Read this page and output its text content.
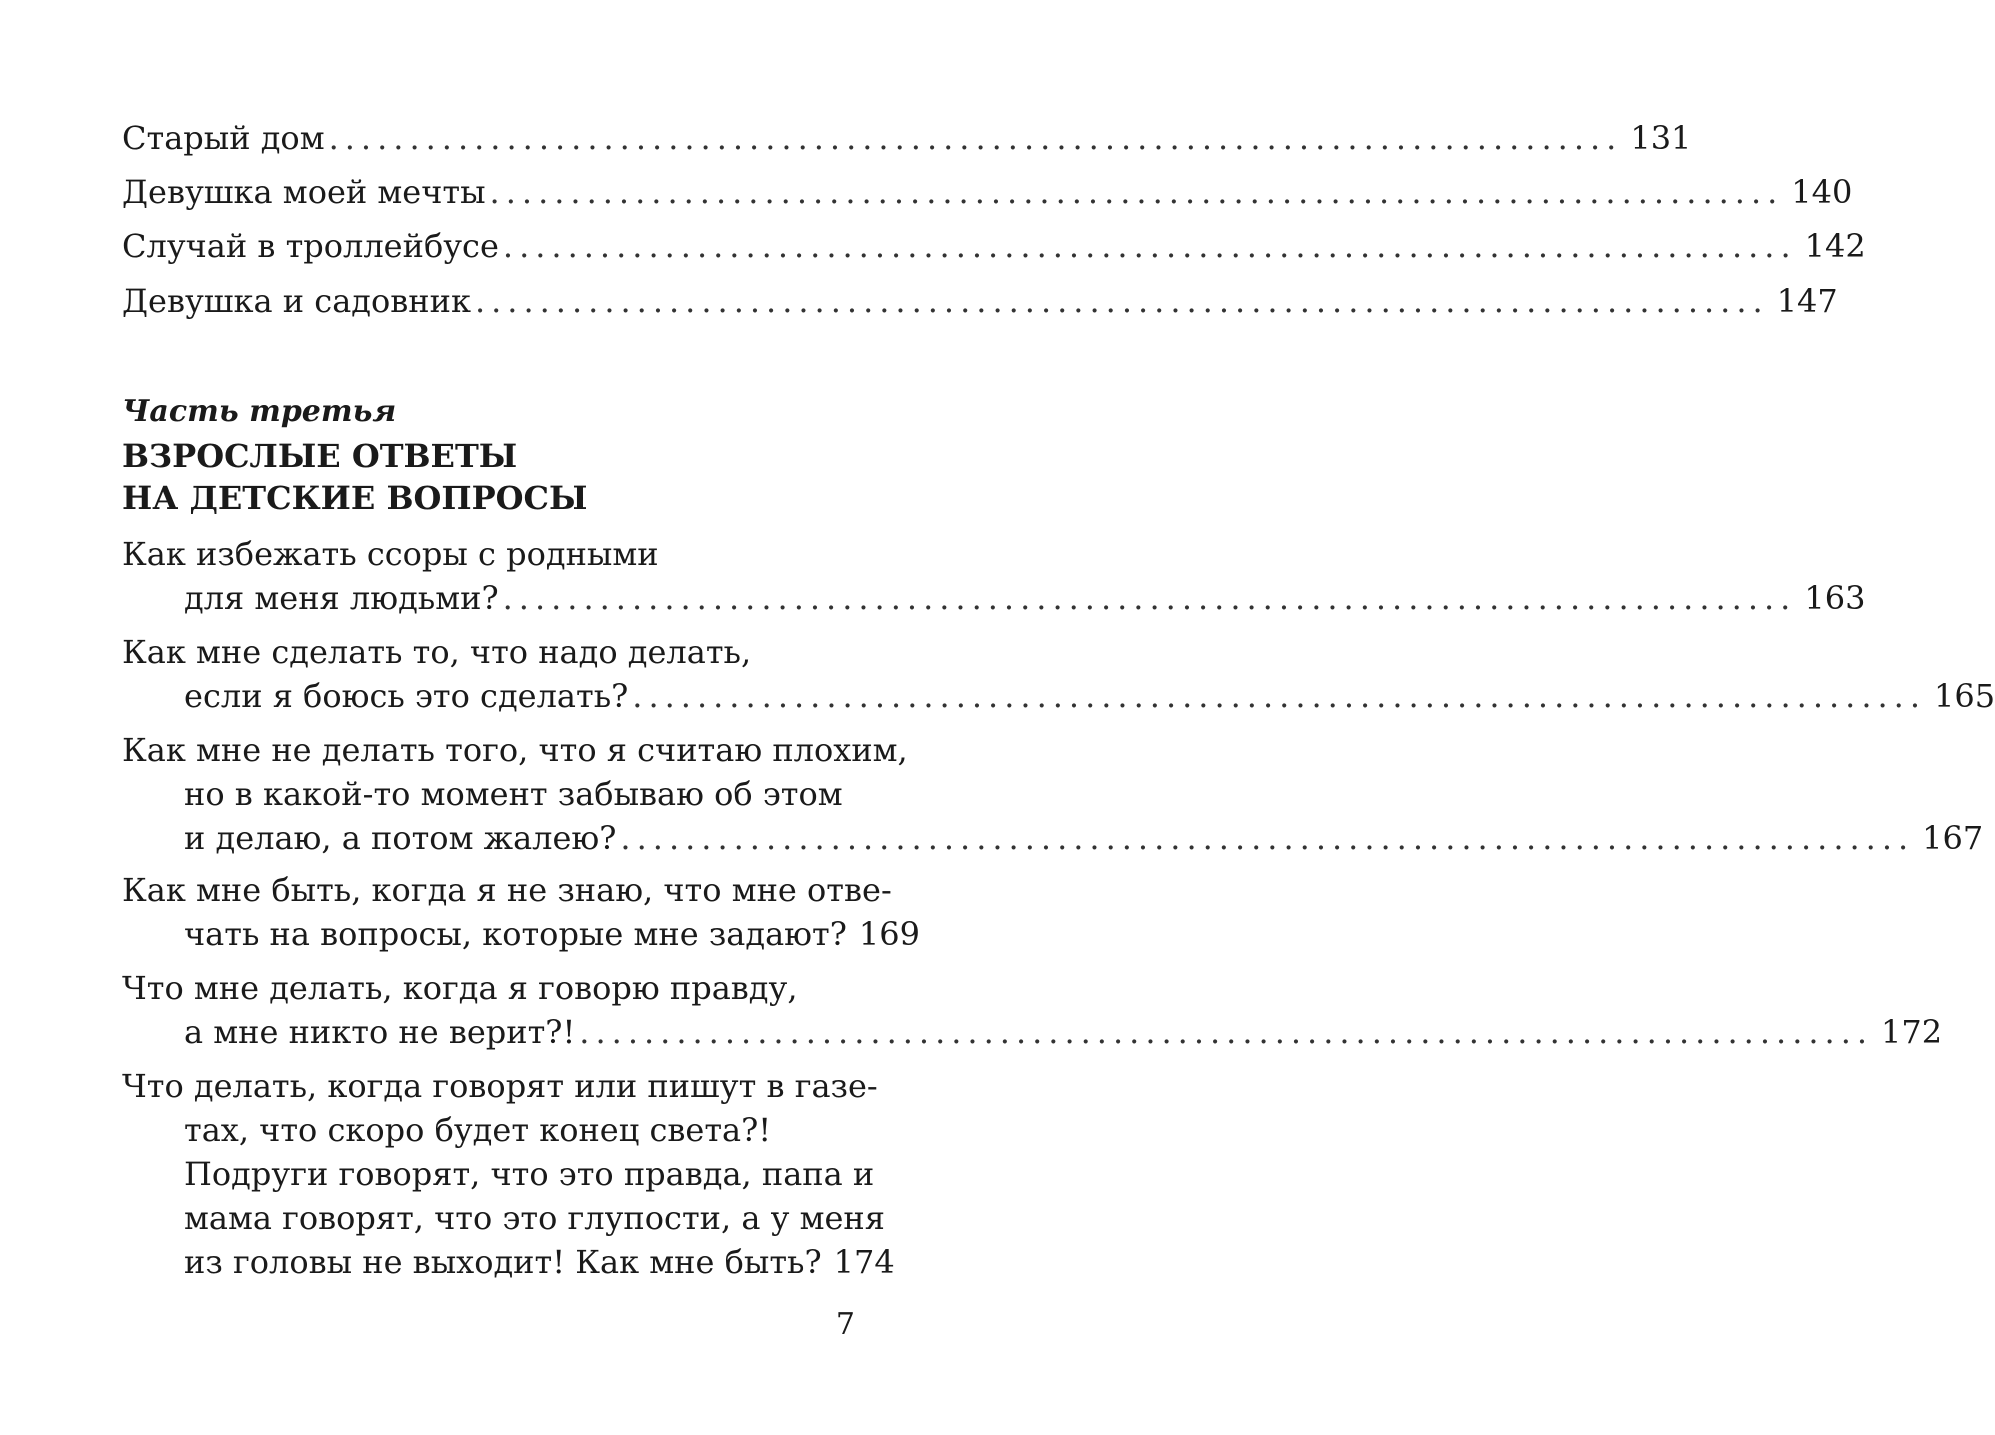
Старый дом ................................................................................ 131
Девушка моей мечты ................................................................................ 140
Случай в троллейбусе ................................................................................ 142
Девушка и садовник ................................................................................ 147
Часть третья
ВЗРОСЛЫЕ ОТВЕТЫ
НА ДЕТСКИЕ ВОПРОСЫ
Как избежать ссоры с родными
для меня людьми? ................................................................................ 163
Как мне сделать то, что надо делать,
если я боюсь это сделать? ................................................................................ 165
Как мне не делать того, что я считаю плохим,
но в какой-то момент забываю об этом
и делаю, а потом жалею? ................................................................................ 167
Как мне быть, когда я не знаю, что мне отве-
чать на вопросы, которые мне задают? 169
Что мне делать, когда я говорю правду,
а мне никто не верит?! ................................................................................ 172
Что делать, когда говорят или пишут в газе-
тах, что скоро будет конец света?!
Подруги говорят, что это правда, папа и
мама говорят, что это глупости, а у меня
из головы не выходит! Как мне быть? 174
7
